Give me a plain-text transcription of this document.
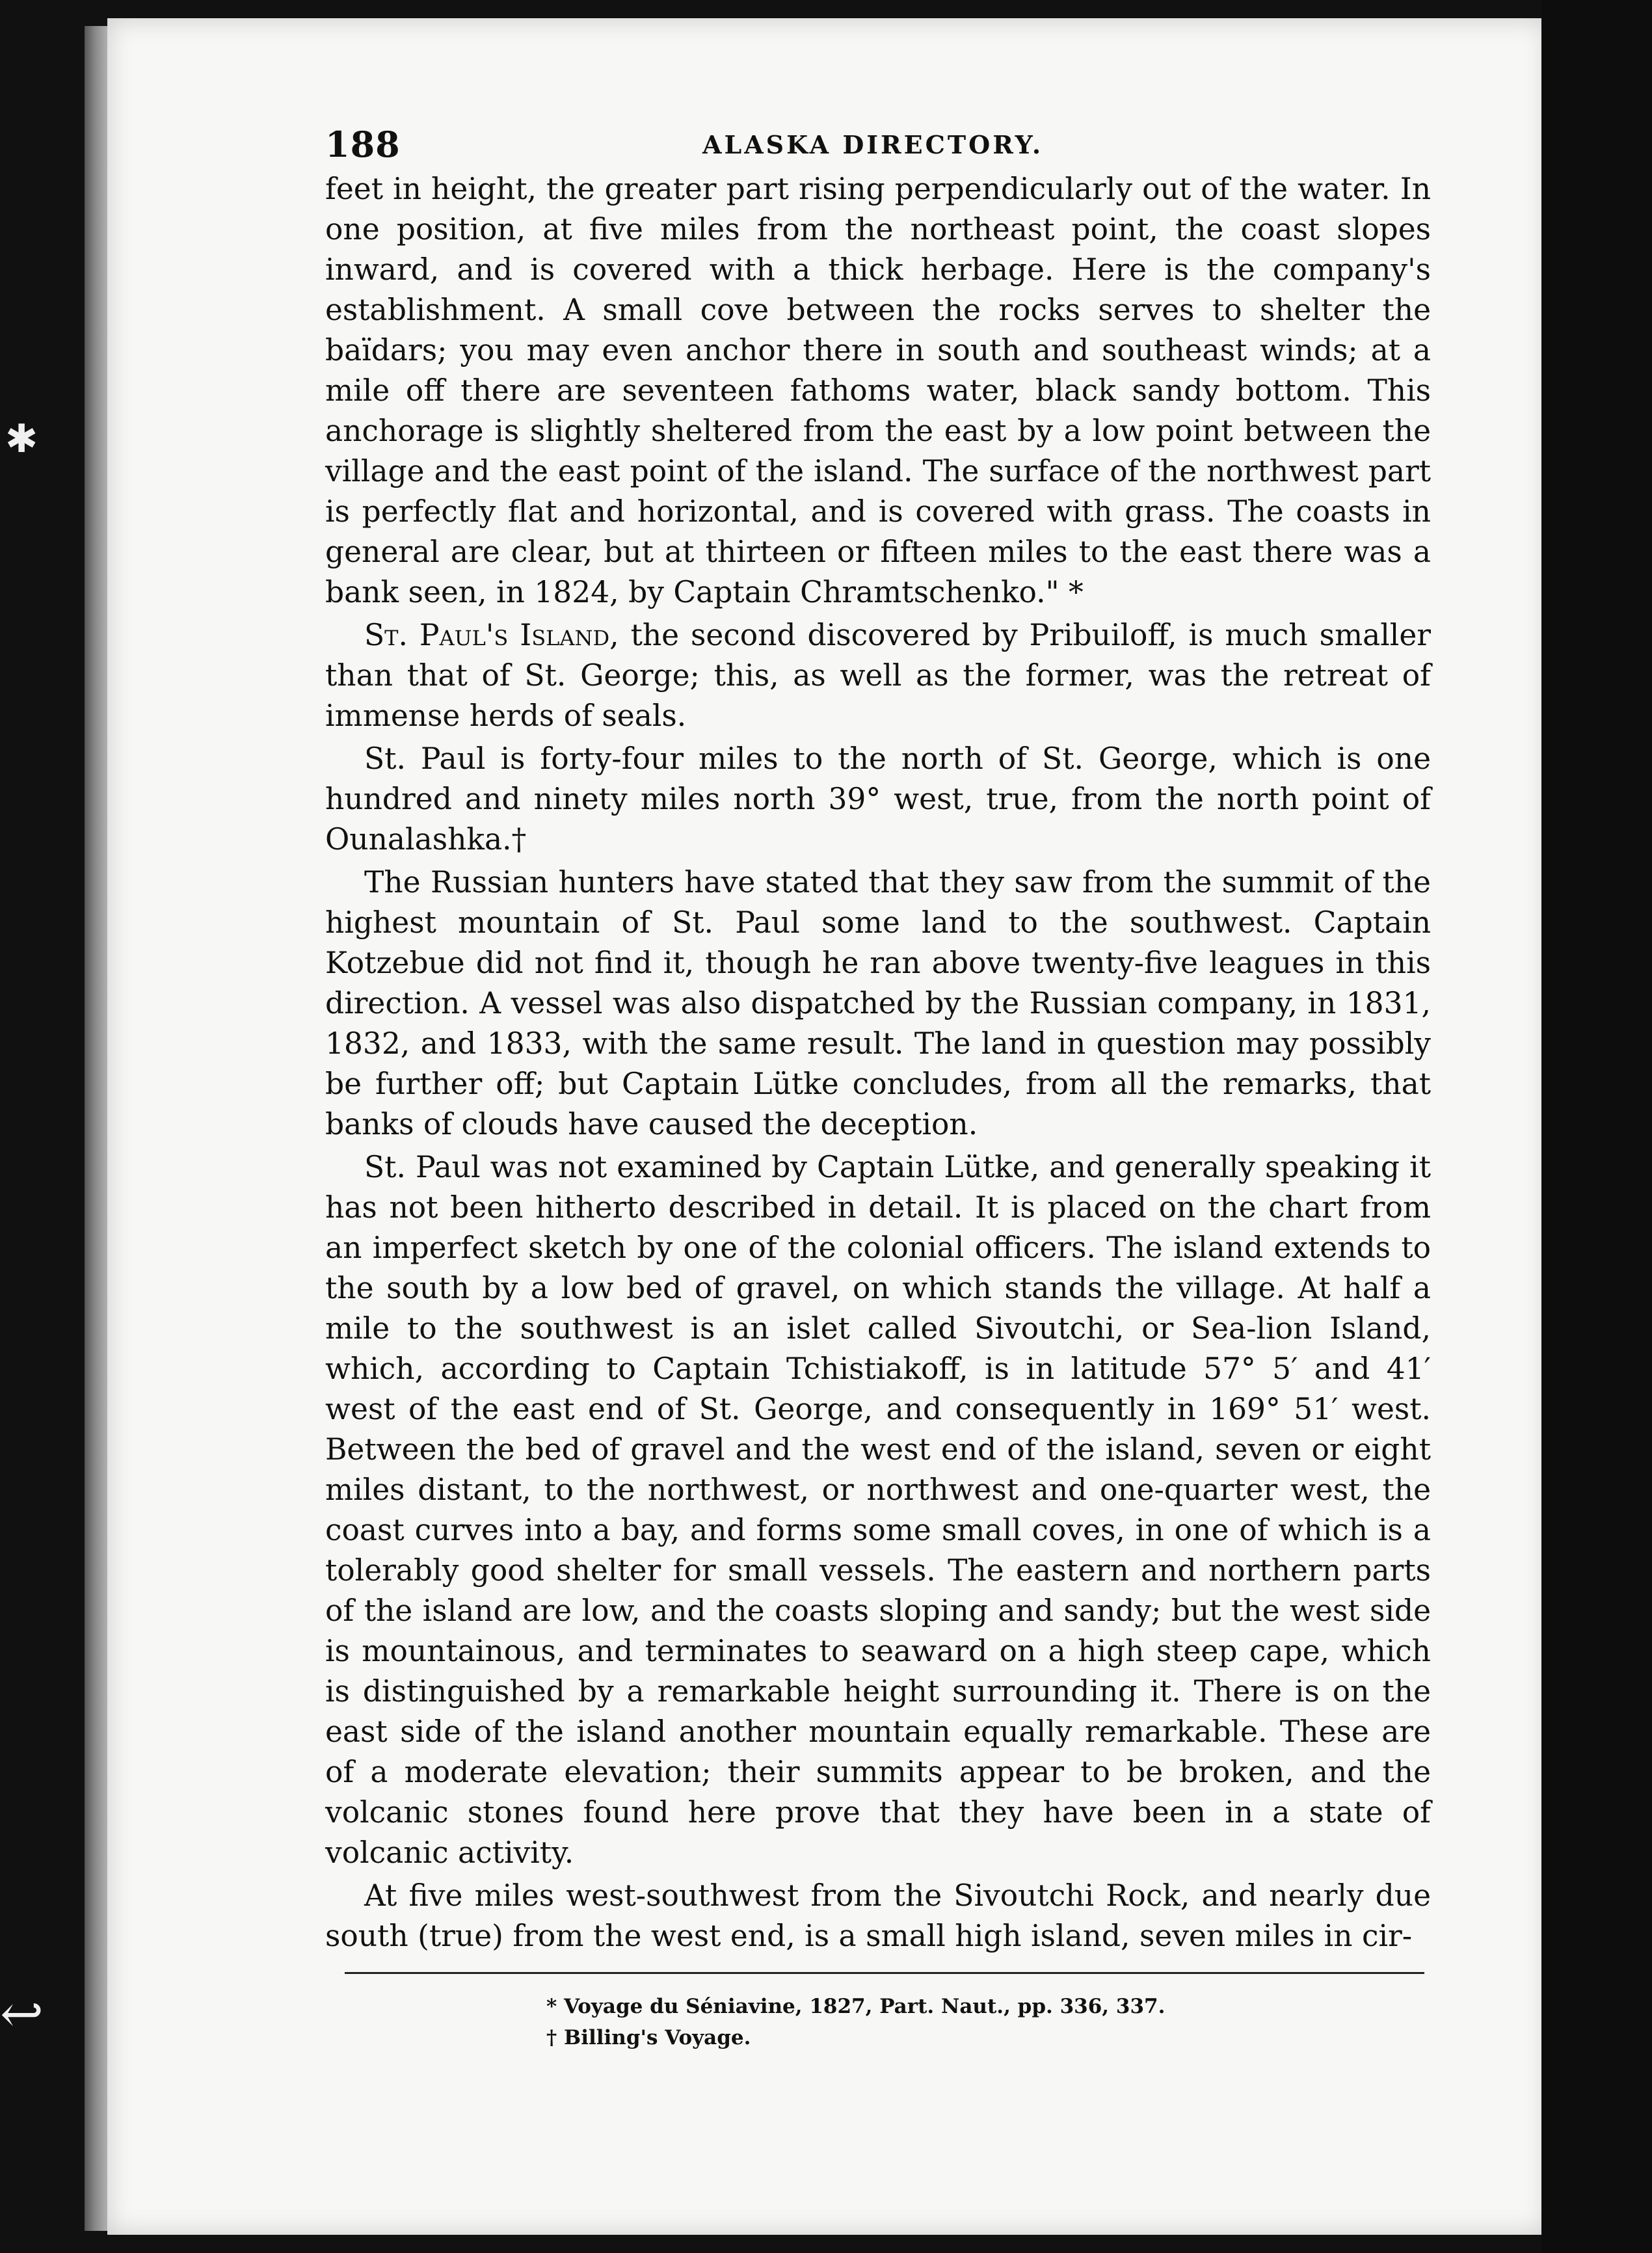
✱
↩
188	ALASKA DIRECTORY.

feet in height, the greater part rising perpendicularly out of the water. In one position, at five miles from the northeast point, the coast slopes inward, and is covered with a thick herbage. Here is the company's establishment. A small cove between the rocks serves to shelter the baïdars; you may even anchor there in south and southeast winds; at a mile off there are seventeen fathoms water, black sandy bottom. This anchorage is slightly sheltered from the east by a low point between the village and the east point of the island. The surface of the northwest part is perfectly flat and horizontal, and is covered with grass. The coasts in general are clear, but at thirteen or fifteen miles to the east there was a bank seen, in 1824, by Captain Chramtschenko." *

St. Paul's Island, the second discovered by Pribuiloff, is much smaller than that of St. George; this, as well as the former, was the retreat of immense herds of seals.

St. Paul is forty-four miles to the north of St. George, which is one hundred and ninety miles north 39° west, true, from the north point of Ounalashka.†

The Russian hunters have stated that they saw from the summit of the highest mountain of St. Paul some land to the southwest. Captain Kotzebue did not find it, though he ran above twenty-five leagues in this direction. A vessel was also dispatched by the Russian company, in 1831, 1832, and 1833, with the same result. The land in question may possibly be further off; but Captain Lütke concludes, from all the remarks, that banks of clouds have caused the deception.

St. Paul was not examined by Captain Lütke, and generally speaking it has not been hitherto described in detail. It is placed on the chart from an imperfect sketch by one of the colonial officers. The island extends to the south by a low bed of gravel, on which stands the village. At half a mile to the southwest is an islet called Sivoutchi, or Sea-lion Island, which, according to Captain Tchistiakoff, is in latitude 57° 5′ and 41′ west of the east end of St. George, and consequently in 169° 51′ west. Between the bed of gravel and the west end of the island, seven or eight miles distant, to the northwest, or northwest and one-quarter west, the coast curves into a bay, and forms some small coves, in one of which is a tolerably good shelter for small vessels. The eastern and northern parts of the island are low, and the coasts sloping and sandy; but the west side is mountainous, and terminates to seaward on a high steep cape, which is distinguished by a remarkable height surrounding it. There is on the east side of the island another mountain equally remarkable. These are of a moderate elevation; their summits appear to be broken, and the volcanic stones found here prove that they have been in a state of volcanic activity.

At five miles west-southwest from the Sivoutchi Rock, and nearly due south (true) from the west end, is a small high island, seven miles in cir-

* Voyage du Séniavine, 1827, Part. Naut., pp. 336, 337.
† Billing's Voyage.
